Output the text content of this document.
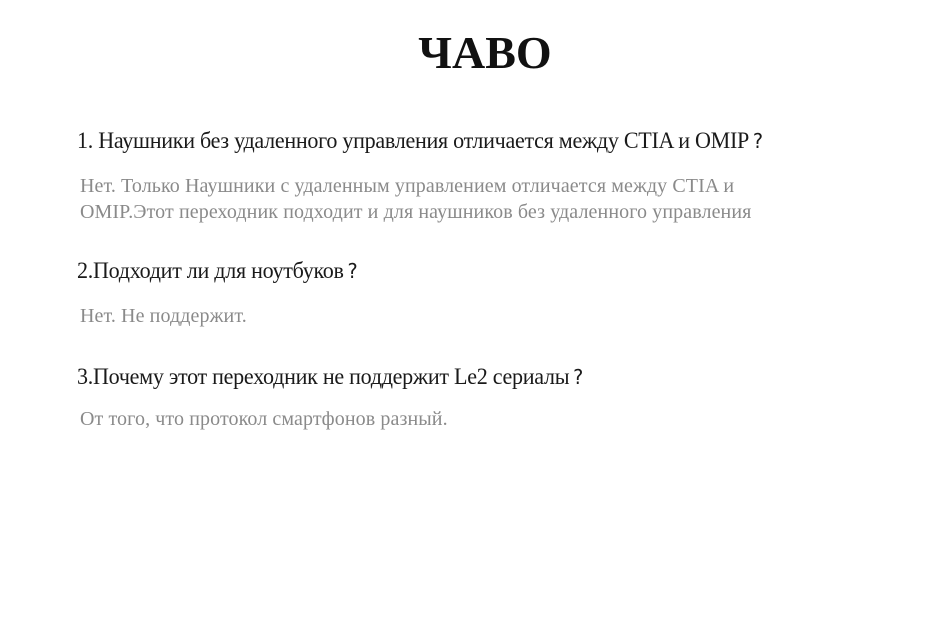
ЧАВО
1. Наушники без удаленного управления отличается между CTIA и OMIP ?
Нет. Только Наушники с удаленным управлением отличается между CTIA и
OMIP.Этот переходник подходит и для наушников без удаленного управления
2.Подходит ли для ноутбуков ?
Нет. Не поддержит.
3.Почему этот переходник не поддержит Le2 сериалы ?
От того, что протокол смартфонов разный.
